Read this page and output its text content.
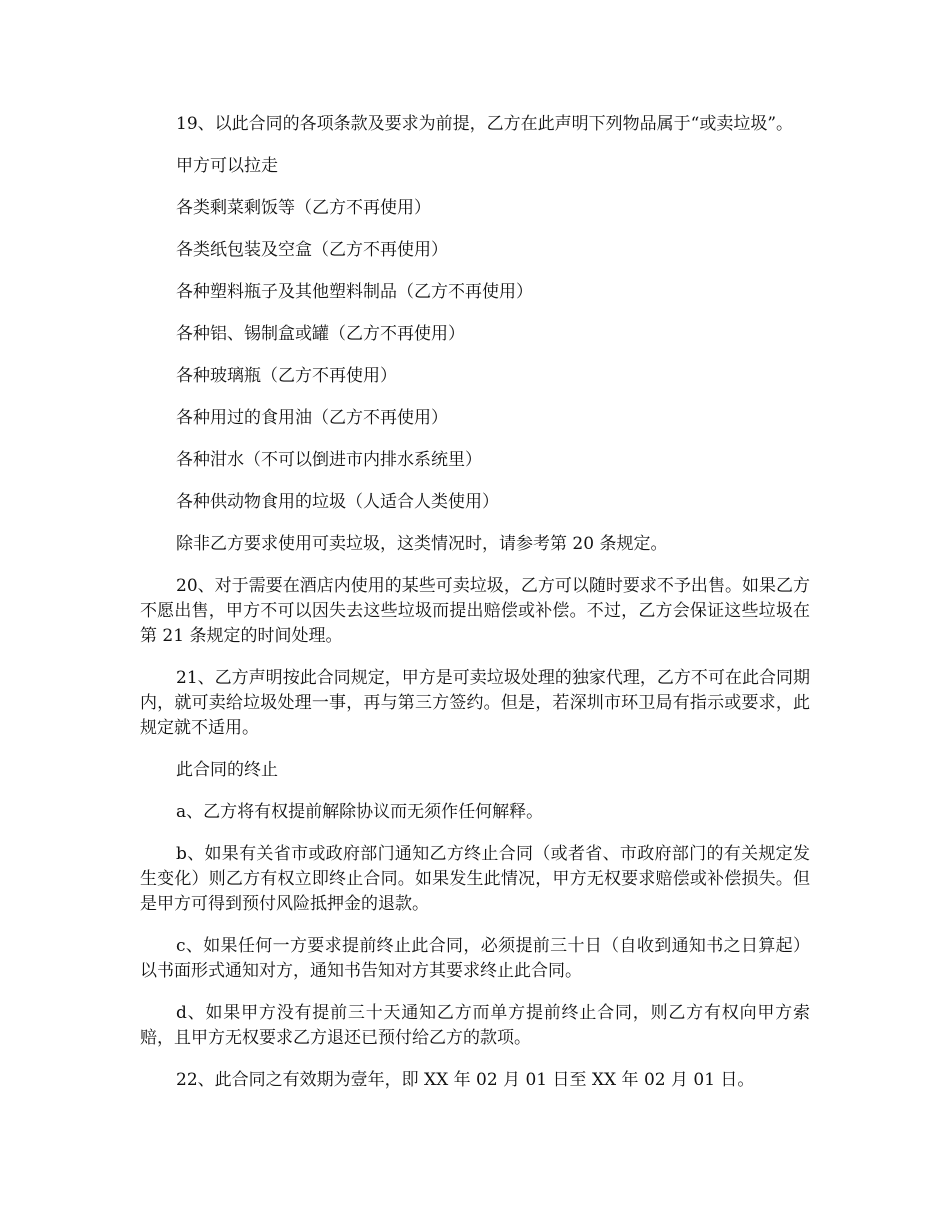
19、以此合同的各项条款及要求为前提，乙方在此声明下列物品属于“或卖垃圾”。

甲方可以拉走

各类剩菜剩饭等（乙方不再使用）

各类纸包装及空盒（乙方不再使用）

各种塑料瓶子及其他塑料制品（乙方不再使用）

各种铝、锡制盒或罐（乙方不再使用）

各种玻璃瓶（乙方不再使用）

各种用过的食用油（乙方不再使用）

各种泔水（不可以倒进市内排水系统里）

各种供动物食用的垃圾（人适合人类使用）

除非乙方要求使用可卖垃圾，这类情况时，请参考第 20 条规定。

20、对于需要在酒店内使用的某些可卖垃圾，乙方可以随时要求不予出售。如果乙方不愿出售，甲方不可以因失去这些垃圾而提出赔偿或补偿。不过，乙方会保证这些垃圾在第 21 条规定的时间处理。

21、乙方声明按此合同规定，甲方是可卖垃圾处理的独家代理，乙方不可在此合同期内，就可卖给垃圾处理一事，再与第三方签约。但是，若深圳市环卫局有指示或要求，此规定就不适用。

此合同的终止

a、乙方将有权提前解除协议而无须作任何解释。

b、如果有关省市或政府部门通知乙方终止合同（或者省、市政府部门的有关规定发生变化）则乙方有权立即终止合同。如果发生此情况，甲方无权要求赔偿或补偿损失。但是甲方可得到预付风险抵押金的退款。

c、如果任何一方要求提前终止此合同，必须提前三十日（自收到通知书之日算起）以书面形式通知对方，通知书告知对方其要求终止此合同。

d、如果甲方没有提前三十天通知乙方而单方提前终止合同，则乙方有权向甲方索赔，且甲方无权要求乙方退还已预付给乙方的款项。

22、此合同之有效期为壹年，即 XX 年 02 月 01 日至 XX 年 02 月 01 日。
